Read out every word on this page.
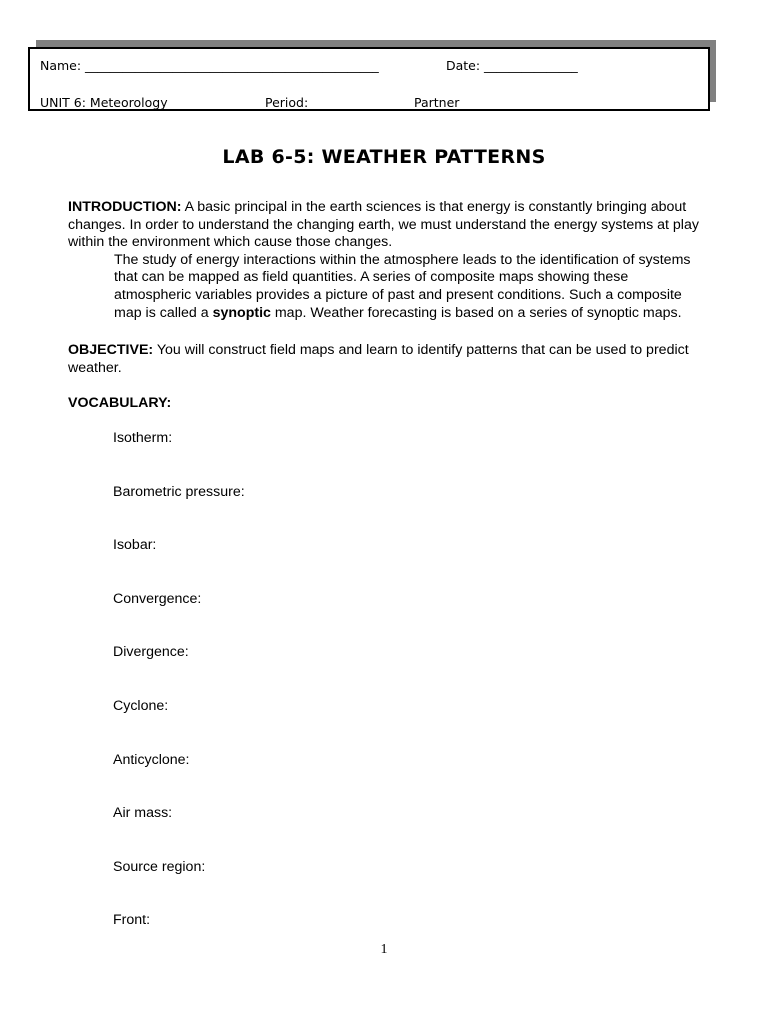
Name: _______________________________________________	Date: _______________
UNIT 6: Meteorology	Period:	Partner
LAB 6-5: WEATHER PATTERNS
INTRODUCTION: A basic principal in the earth sciences is that energy is constantly bringing about changes. In order to understand the changing earth, we must understand the energy systems at play within the environment which cause those changes.
The study of energy interactions within the atmosphere leads to the identification of systems that can be mapped as field quantities. A series of composite maps showing these atmospheric variables provides a picture of past and present conditions. Such a composite map is called a synoptic map. Weather forecasting is based on a series of synoptic maps.
OBJECTIVE: You will construct field maps and learn to identify patterns that can be used to predict weather.
VOCABULARY:
Isotherm:
Barometric pressure:
Isobar:
Convergence:
Divergence:
Cyclone:
Anticyclone:
Air mass:
Source region:
Front:
1
